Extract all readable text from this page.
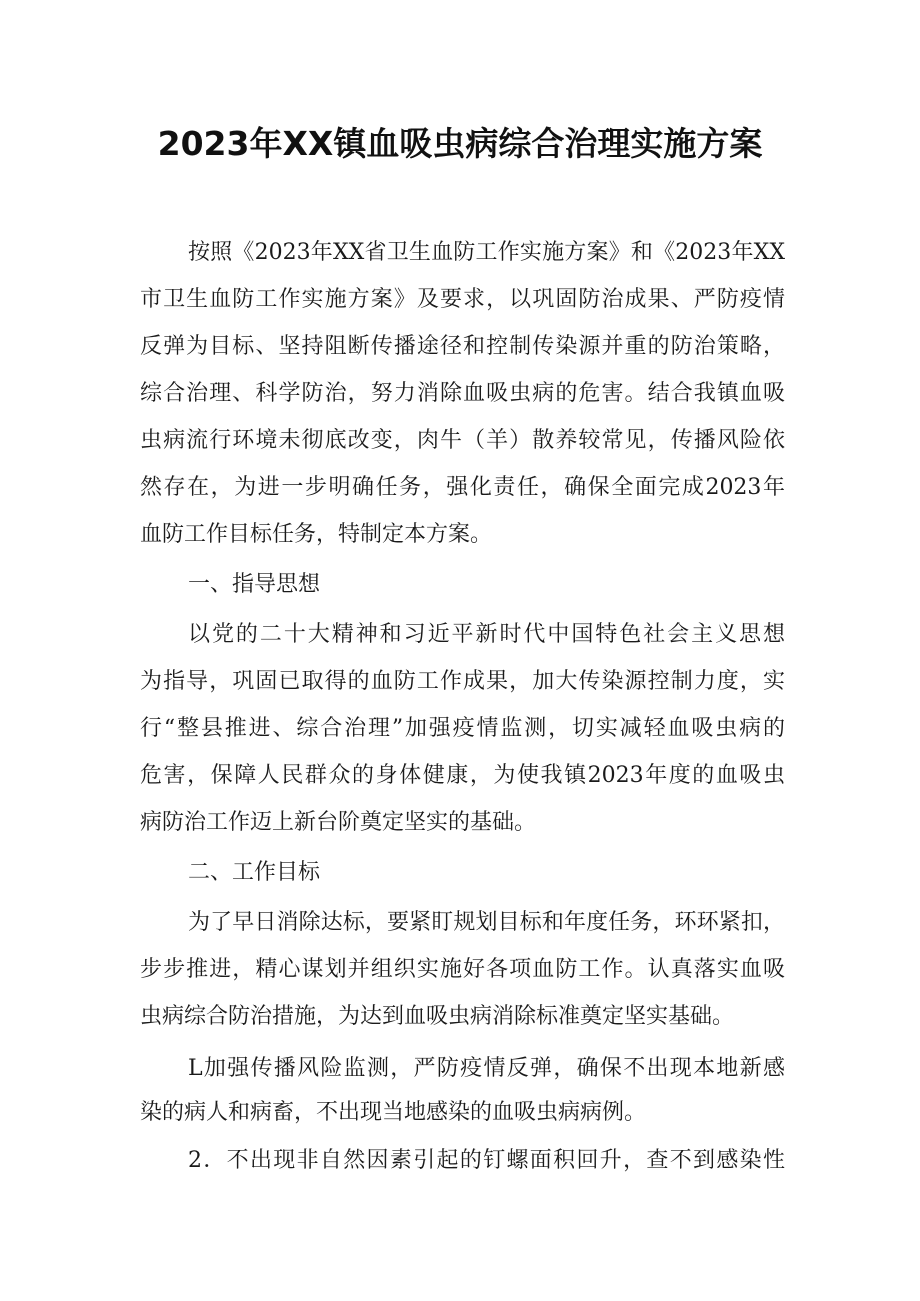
2023年XX镇血吸虫病综合治理实施方案

按照《2023年XX省卫生血防工作实施方案》和《2023年XX

市卫生血防工作实施方案》及要求，以巩固防治成果、严防疫情

反弹为目标、坚持阻断传播途径和控制传染源并重的防治策略，

综合治理、科学防治，努力消除血吸虫病的危害。结合我镇血吸

虫病流行环境未彻底改变，肉牛（羊）散养较常见，传播风险依

然存在，为进一步明确任务，强化责任，确保全面完成2023年

血防工作目标任务，特制定本方案。

一、指导思想

以党的二十大精神和习近平新时代中国特色社会主义思想

为指导，巩固已取得的血防工作成果，加大传染源控制力度，实

行“整县推进、综合治理”加强疫情监测，切实减轻血吸虫病的

危害，保障人民群众的身体健康，为使我镇2023年度的血吸虫

病防治工作迈上新台阶奠定坚实的基础。

二、工作目标

为了早日消除达标，要紧盯规划目标和年度任务，环环紧扣，

步步推进，精心谋划并组织实施好各项血防工作。认真落实血吸

虫病综合防治措施，为达到血吸虫病消除标准奠定坚实基础。

L加强传播风险监测，严防疫情反弹，确保不出现本地新感

染的病人和病畜，不出现当地感染的血吸虫病病例。

2．不出现非自然因素引起的钉螺面积回升，查不到感染性
